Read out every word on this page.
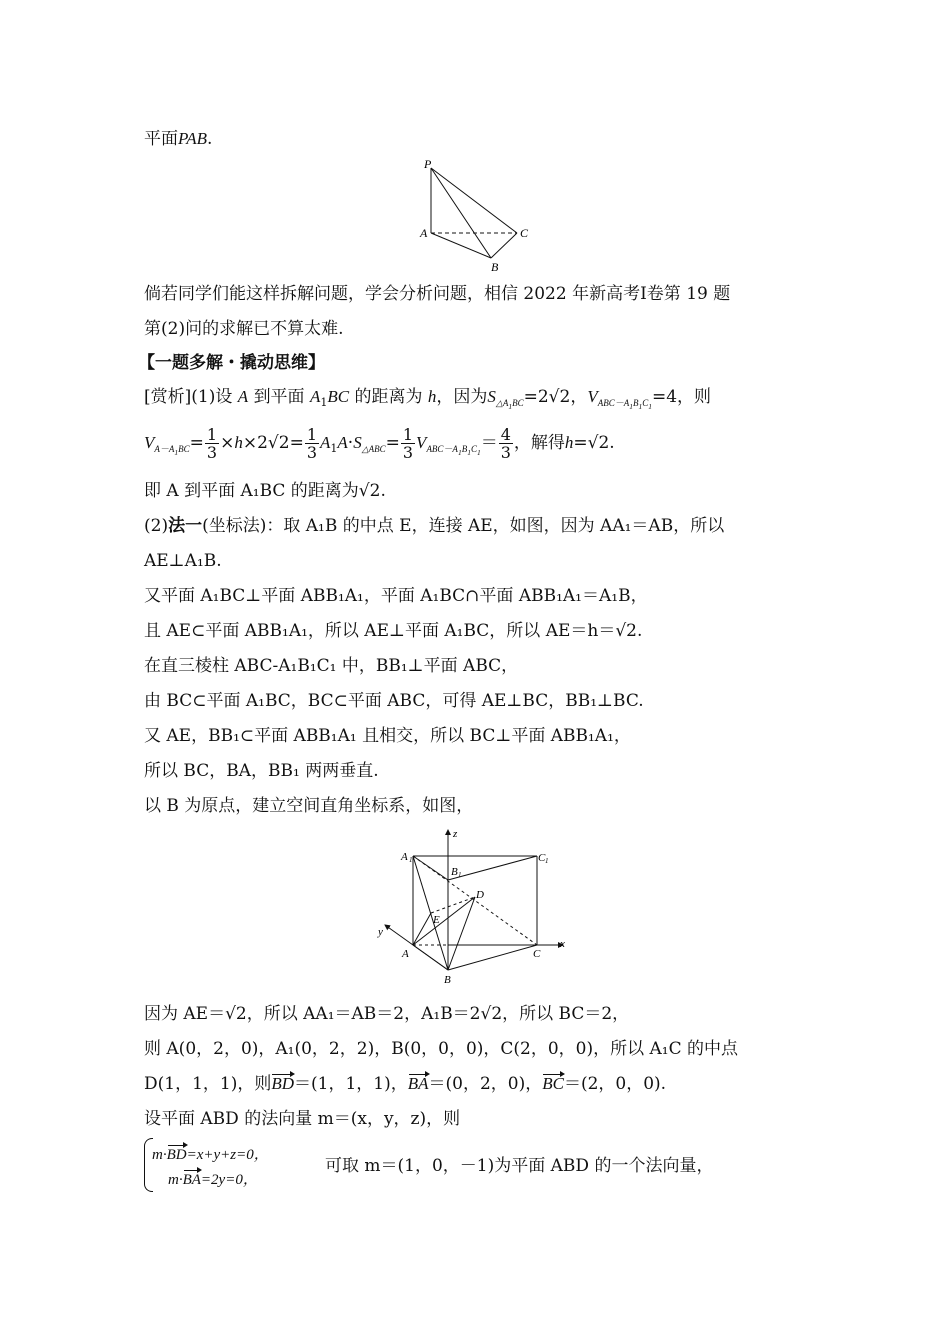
平面PAB.
P
A
B
C
倘若同学们能这样拆解问题，学会分析问题，相信 2022 年新高考Ⅰ卷第 19 题
第(2)问的求解已不算太难.
【一题多解・撬动思维】
[赏析](1)设 A 到平面 $A_1BC$ 的距离为 h，因为$S_{\triangle A_1BC}=2√2$，$V_{ABC-A_1B_1C_1}=4$，则
$V_{A-A_1BC}= \frac{1}{3} \times h\times 2√2= \frac{1}{3} A_1A\cdot S_{\triangle ABC}= \frac{1}{3} V_{ABC-A_1B_1C_1}= \frac{4}{3}$ ，解得h=√2.
即 A 到平面 A₁BC 的距离为√2.
(2)法一(坐标法)：取 A₁B 的中点 E，连接 AE，如图，因为 AA₁＝AB，所以
AE⊥A₁B.
又平面 A₁BC⊥平面 ABB₁A₁，平面 A₁BC∩平面 ABB₁A₁＝A₁B，
且 AE⊂平面 ABB₁A₁，所以 AE⊥平面 A₁BC，所以 AE＝h＝√2.
在直三棱柱 ABC-A₁B₁C₁ 中，BB₁⊥平面 ABC，
由 BC⊂平面 A₁BC，BC⊂平面 ABC，可得 AE⊥BC，BB₁⊥BC.
又 AE，BB₁⊂平面 ABB₁A₁ 且相交，所以 BC⊥平面 ABB₁A₁，
所以 BC，BA，BB₁ 两两垂直.
以 B 为原点，建立空间直角坐标系，如图，
z
y
x
A 1
B 1
C 1
D
E
A
B
C
因为 AE＝√2，所以 AA₁＝AB＝2，A₁B＝2√2，所以 BC＝2，
则 A(0，2，0)，A₁(0，2，2)，B(0，0，0)，C(2，0，0)，所以 A₁C 的中点
D(1，1，1)，则BD＝(1，1，1)，BA＝(0，2，0)，BC＝(2，0，0).
设平面 ABD 的法向量 m＝(x，y，z)，则
m·BD=x+y+z=0，
m·BA=2y=0，
可取 m＝(1，0，－1)为平面 ABD 的一个法向量，
